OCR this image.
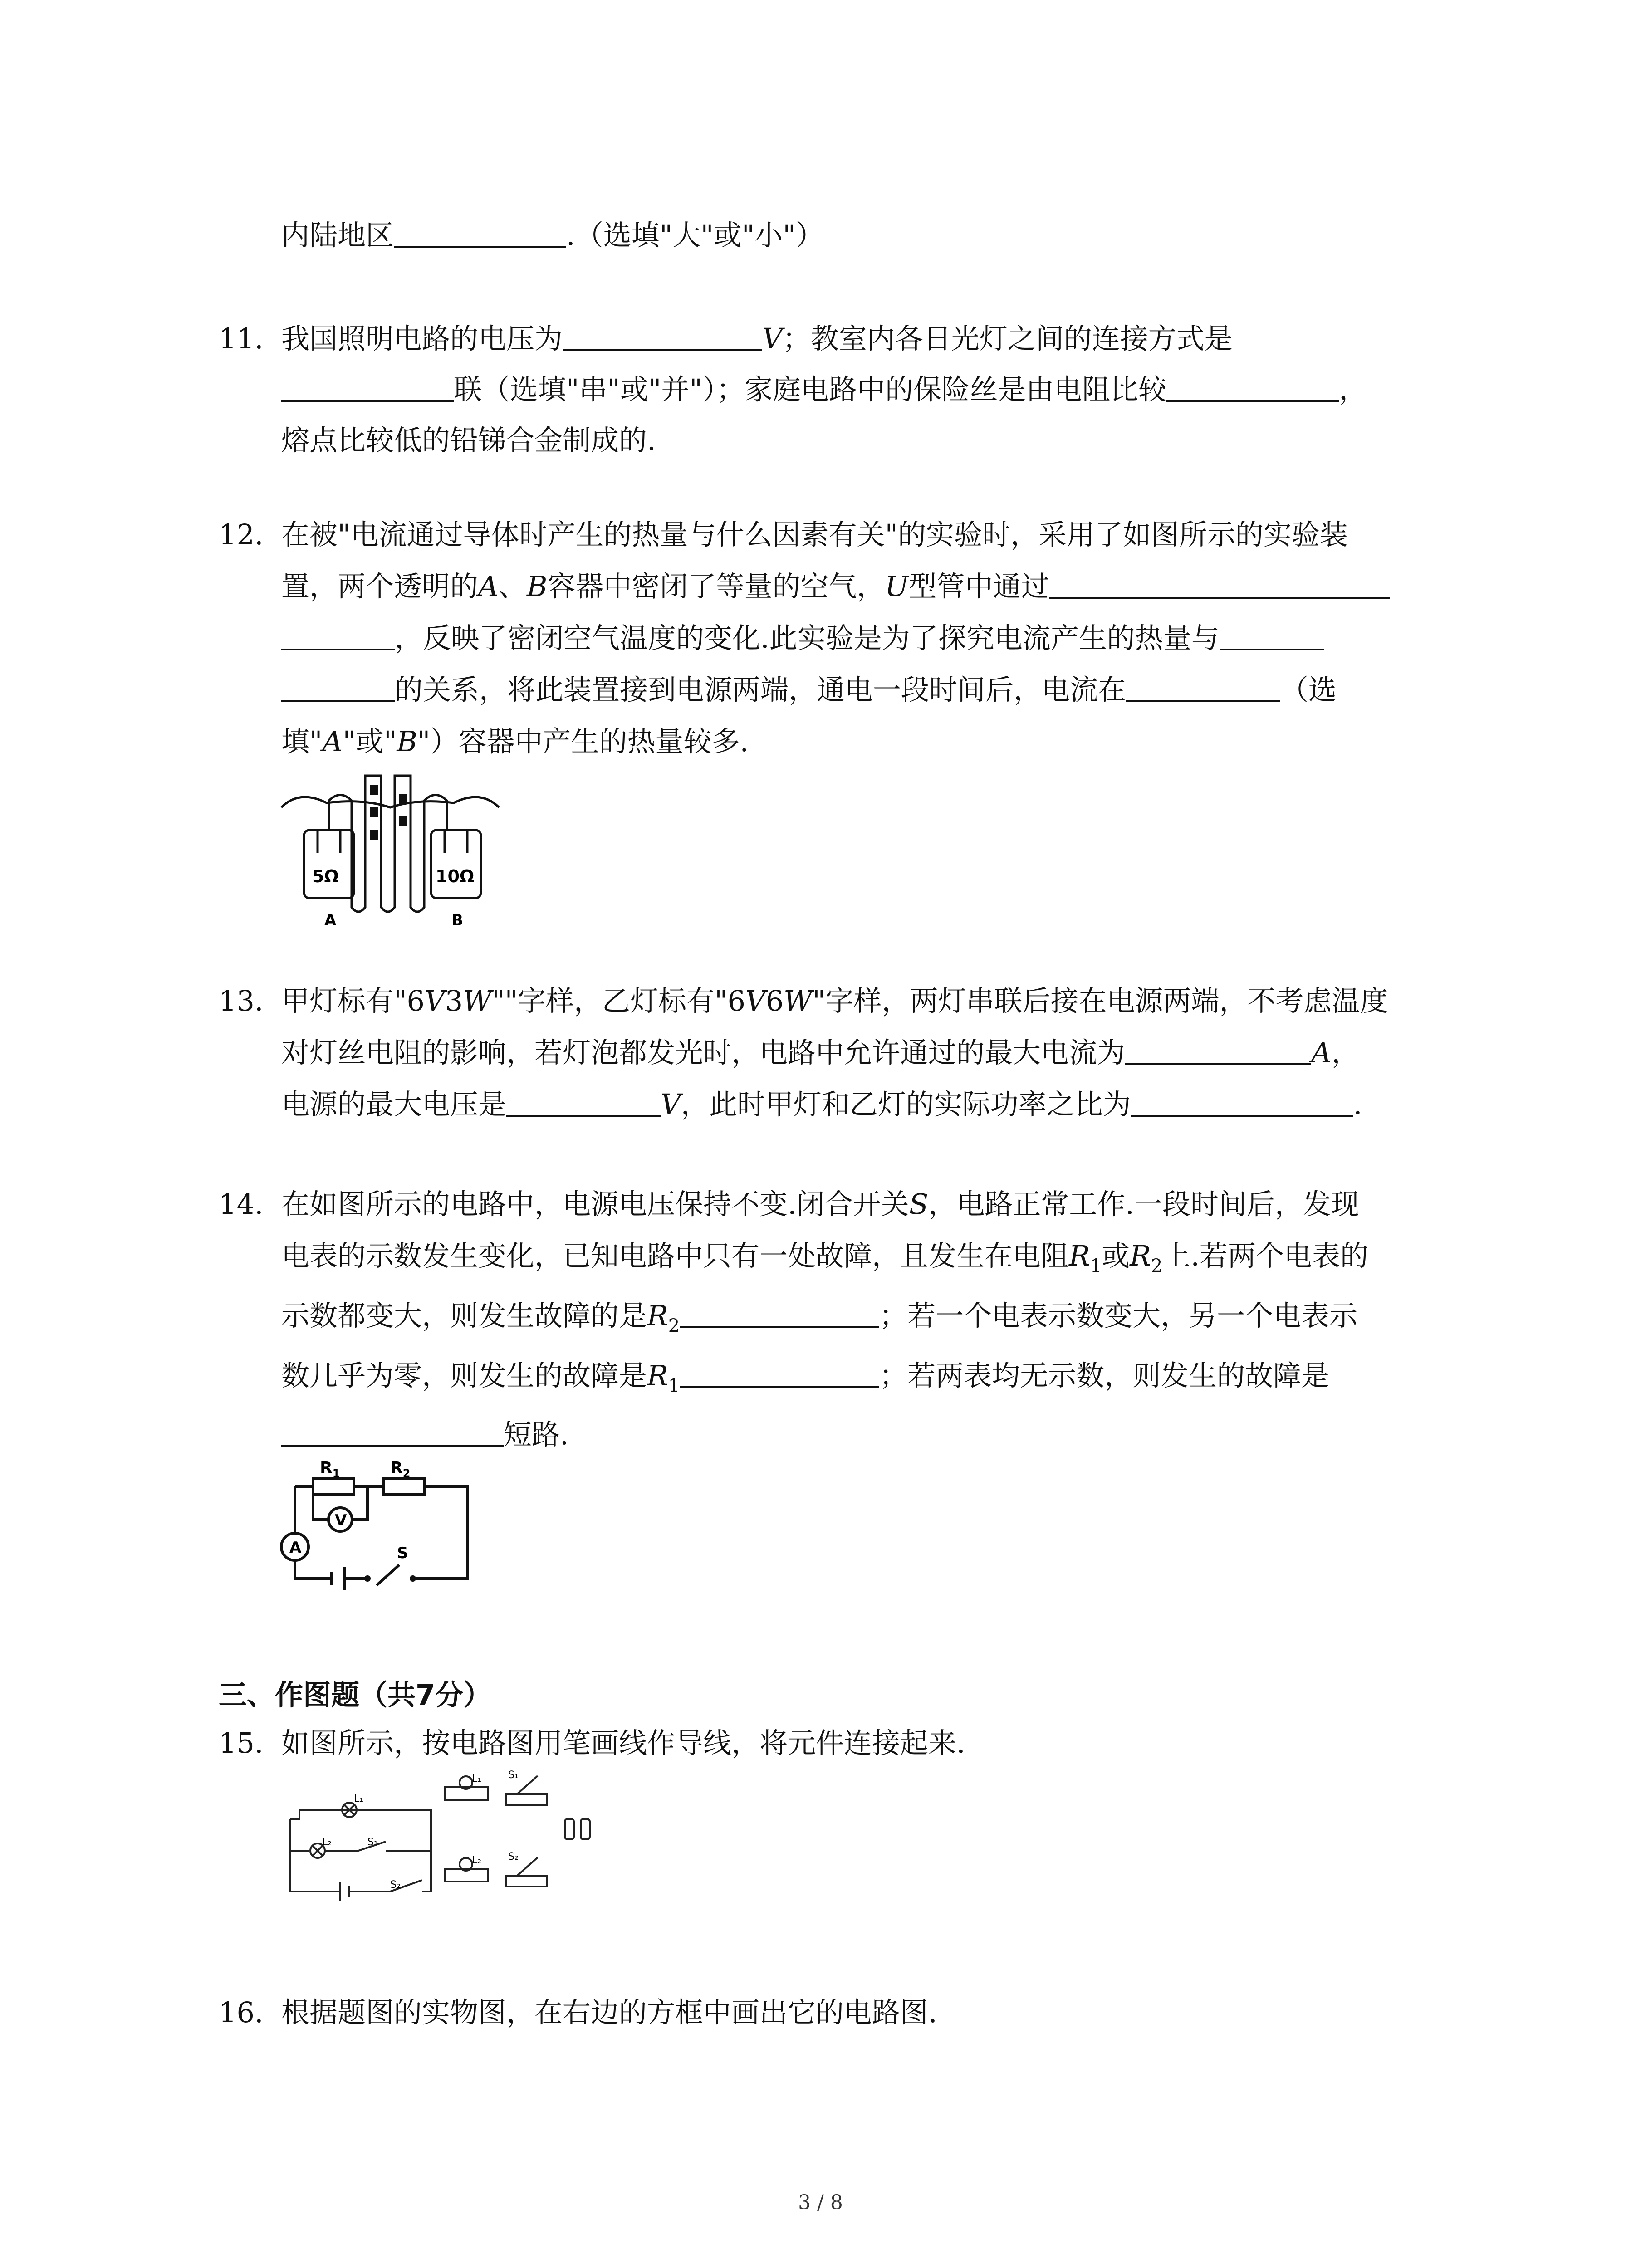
内陆地区	.（选填"大"或"小"）
11. 我国照明电路的电压为	V；教室内各日光灯之间的连接方式是
联（选填"串"或"并"）；家庭电路中的保险丝是由电阻比较	，
熔点比较低的铅锑合金制成的.
12. 在被"电流通过导体时产生的热量与什么因素有关"的实验时，采用了如图所示的实验装
置，两个透明的A、B容器中密闭了等量的空气，U型管中通过
，反映了密闭空气温度的变化.此实验是为了探究电流产生的热量与
的关系，将此装置接到电源两端，通电一段时间后，电流在	（选
填"A"或"B"）容器中产生的热量较多.
5Ω	10Ω
A	B
13. 甲灯标有"6V3W""字样，乙灯标有"6V6W"字样，两灯串联后接在电源两端，不考虑温度
对灯丝电阻的影响，若灯泡都发光时，电路中允许通过的最大电流为	A，
电源的最大电压是	V，此时甲灯和乙灯的实际功率之比为	.
14. 在如图所示的电路中，电源电压保持不变.闭合开关S，电路正常工作.一段时间后，发现
电表的示数发生变化，已知电路中只有一处故障，且发生在电阻$R_1$或$R_2$上.若两个电表的
示数都变大，则发生故障的是$R_2$	；若一个电表示数变大，另一个电表示
数几乎为零，则发生的故障是$R_1$	；若两表均无示数，则发生的故障是
短路.
$R_1$	$R_2$
V
A	S
三、作图题（共7分）
15. 如图所示，按电路图用笔画线作导线，将元件连接起来.
L₁
L₂	S₁
S₂
L₁
L₂
S₁
S₂
16. 根据题图的实物图，在右边的方框中画出它的电路图.
3 / 8
